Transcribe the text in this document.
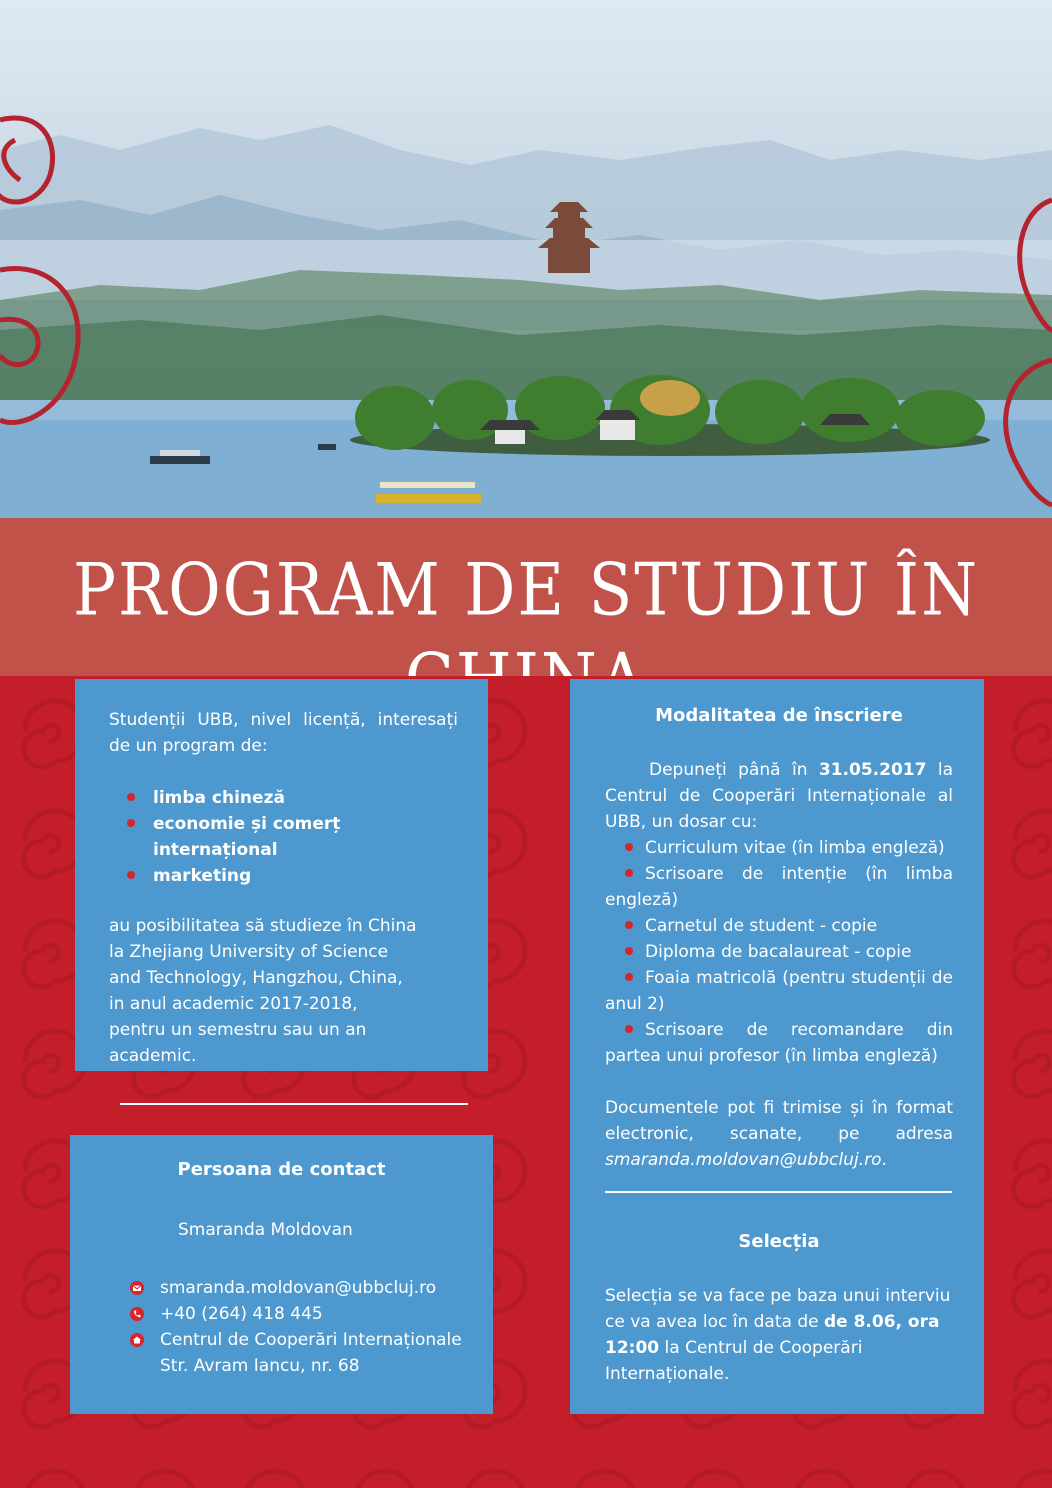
PROGRAM DE STUDIU ÎN

Studenții UBB, nivel licență, interesați de un program de:

limba chineză
economie și comerț internațional
marketing

au posibilitatea să studieze în China la Zhejiang University of Science and Technology, Hangzhou, China, in anul academic 2017-2018, pentru un semestru sau un an academic.

Persoana de contact

Smaranda Moldovan
smaranda.moldovan@ubbcluj.ro
+40 (264) 418 445
Centrul de Cooperări Internaționale
Str. Avram Iancu, nr. 68

Modalitatea de înscriere

Depuneți până în 31.05.2017 la Centrul de Cooperări Internaționale al UBB, un dosar cu:

Curriculum vitae (în limba engleză)
Scrisoare de intenție (în limba engleză)
Carnetul de student - copie
Diploma de bacalaureat - copie
Foaia matricolă (pentru studenții de anul 2)
Scrisoare de recomandare din partea unui profesor (în limba engleză)

Documentele pot fi trimise și în format electronic, scanate, pe adresa smaranda.moldovan@ubbcluj.ro.

Selecția

Selecția se va face pe baza unui interviu ce va avea loc în data de de 8.06, ora 12:00 la Centrul de Cooperări Internaționale.
